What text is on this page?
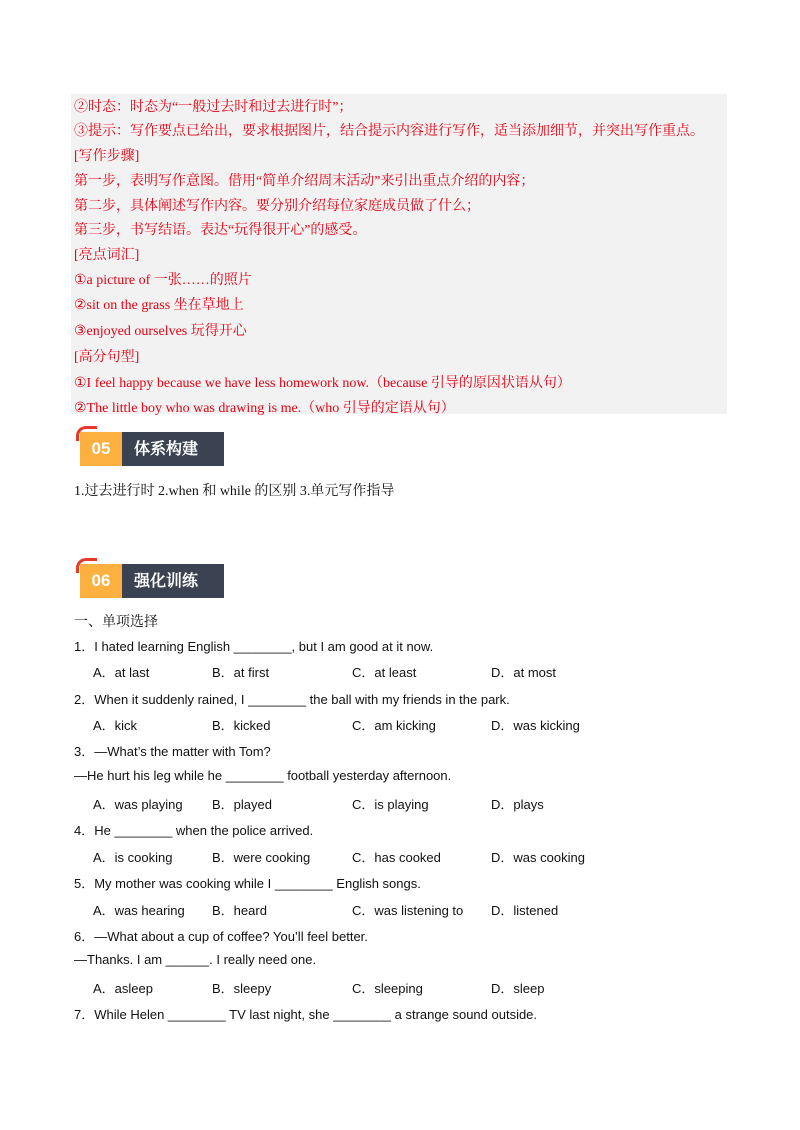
②时态：时态为“一般过去时和过去进行时”；
③提示：写作要点已给出，要求根据图片，结合提示内容进行写作，适当添加细节，并突出写作重点。
[写作步骤]
第一步，表明写作意图。借用“简单介绍周末活动”来引出重点介绍的内容；
第二步，具体阐述写作内容。要分别介绍每位家庭成员做了什么；
第三步，书写结语。表达“玩得很开心”的感受。
[亮点词汇]
①a picture of 一张……的照片
②sit on the grass 坐在草地上
③enjoyed ourselves 玩得开心
[高分句型]
①I feel happy because we have less homework now.（because 引导的原因状语从句）
②The little boy who was drawing is me.（who 引导的定语从句）
05	体系构建
1.过去进行时 2.when 和 while 的区别 3.单元写作指导
06	强化训练
一、单项选择
1．I hated learning English ________, but I am good at it now.
A．at last	B．at first	C．at least	D．at most
2．When it suddenly rained, I ________ the ball with my friends in the park.
A．kick	B．kicked	C．am kicking	D．was kicking
3．—What’s the matter with Tom?
—He hurt his leg while he ________ football yesterday afternoon.
A．was playing B．played	C．is playing	D．plays
4．He ________ when the police arrived.
A．is cooking	B．were cooking	C．has cooked	D．was cooking
5．My mother was cooking while I ________ English songs.
A．was hearing B．heard	C．was listening to D．listened
6．—What about a cup of coffee? You’ll feel better.
—Thanks. I am ______. I really need one.
A．asleep	B．sleepy	C．sleeping	D．sleep
7．While Helen ________ TV last night, she ________ a strange sound outside.
